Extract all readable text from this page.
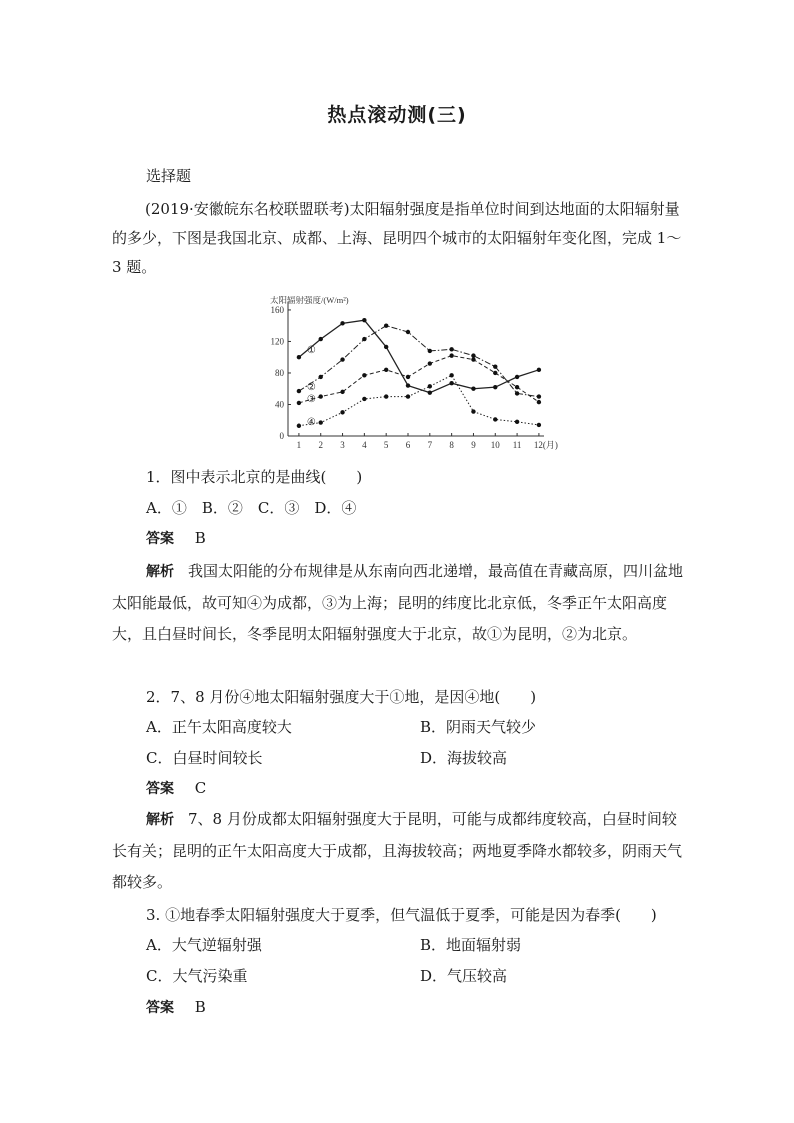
热点滚动测(三)
选择题

(2019·安徽皖东名校联盟联考)太阳辐射强度是指单位时间到达地面的太阳辐射量的多少，下图是我国北京、成都、上海、昆明四个城市的太阳辐射年变化图，完成 1～3 题。

太阳辐射强度/(W/m²)
0
40
80
120
160
1 2 3 4 5 6 7 8 9 10 11 12(月)
①
②
③
④
1．图中表示北京的是曲线(　　)
A．①　B．②　C．③　D．④
答案 B

解析 我国太阳能的分布规律是从东南向西北递增，最高值在青藏高原，四川盆地太阳能最低，故可知④为成都，③为上海；昆明的纬度比北京低，冬季正午太阳高度大，且白昼时间长，冬季昆明太阳辐射强度大于北京，故①为昆明，②为北京。

2．7、8 月份④地太阳辐射强度大于①地，是因④地(　　)
A．正午太阳高度较大	B．阴雨天气较少
C．白昼时间较长	D．海拔较高
答案 C

解析 7、8 月份成都太阳辐射强度大于昆明，可能与成都纬度较高，白昼时间较长有关；昆明的正午太阳高度大于成都，且海拔较高；两地夏季降水都较多，阴雨天气都较多。

3. ①地春季太阳辐射强度大于夏季，但气温低于夏季，可能是因为春季(　　)
A．大气逆辐射强	B．地面辐射弱
C．大气污染重	D．气压较高
答案 B
